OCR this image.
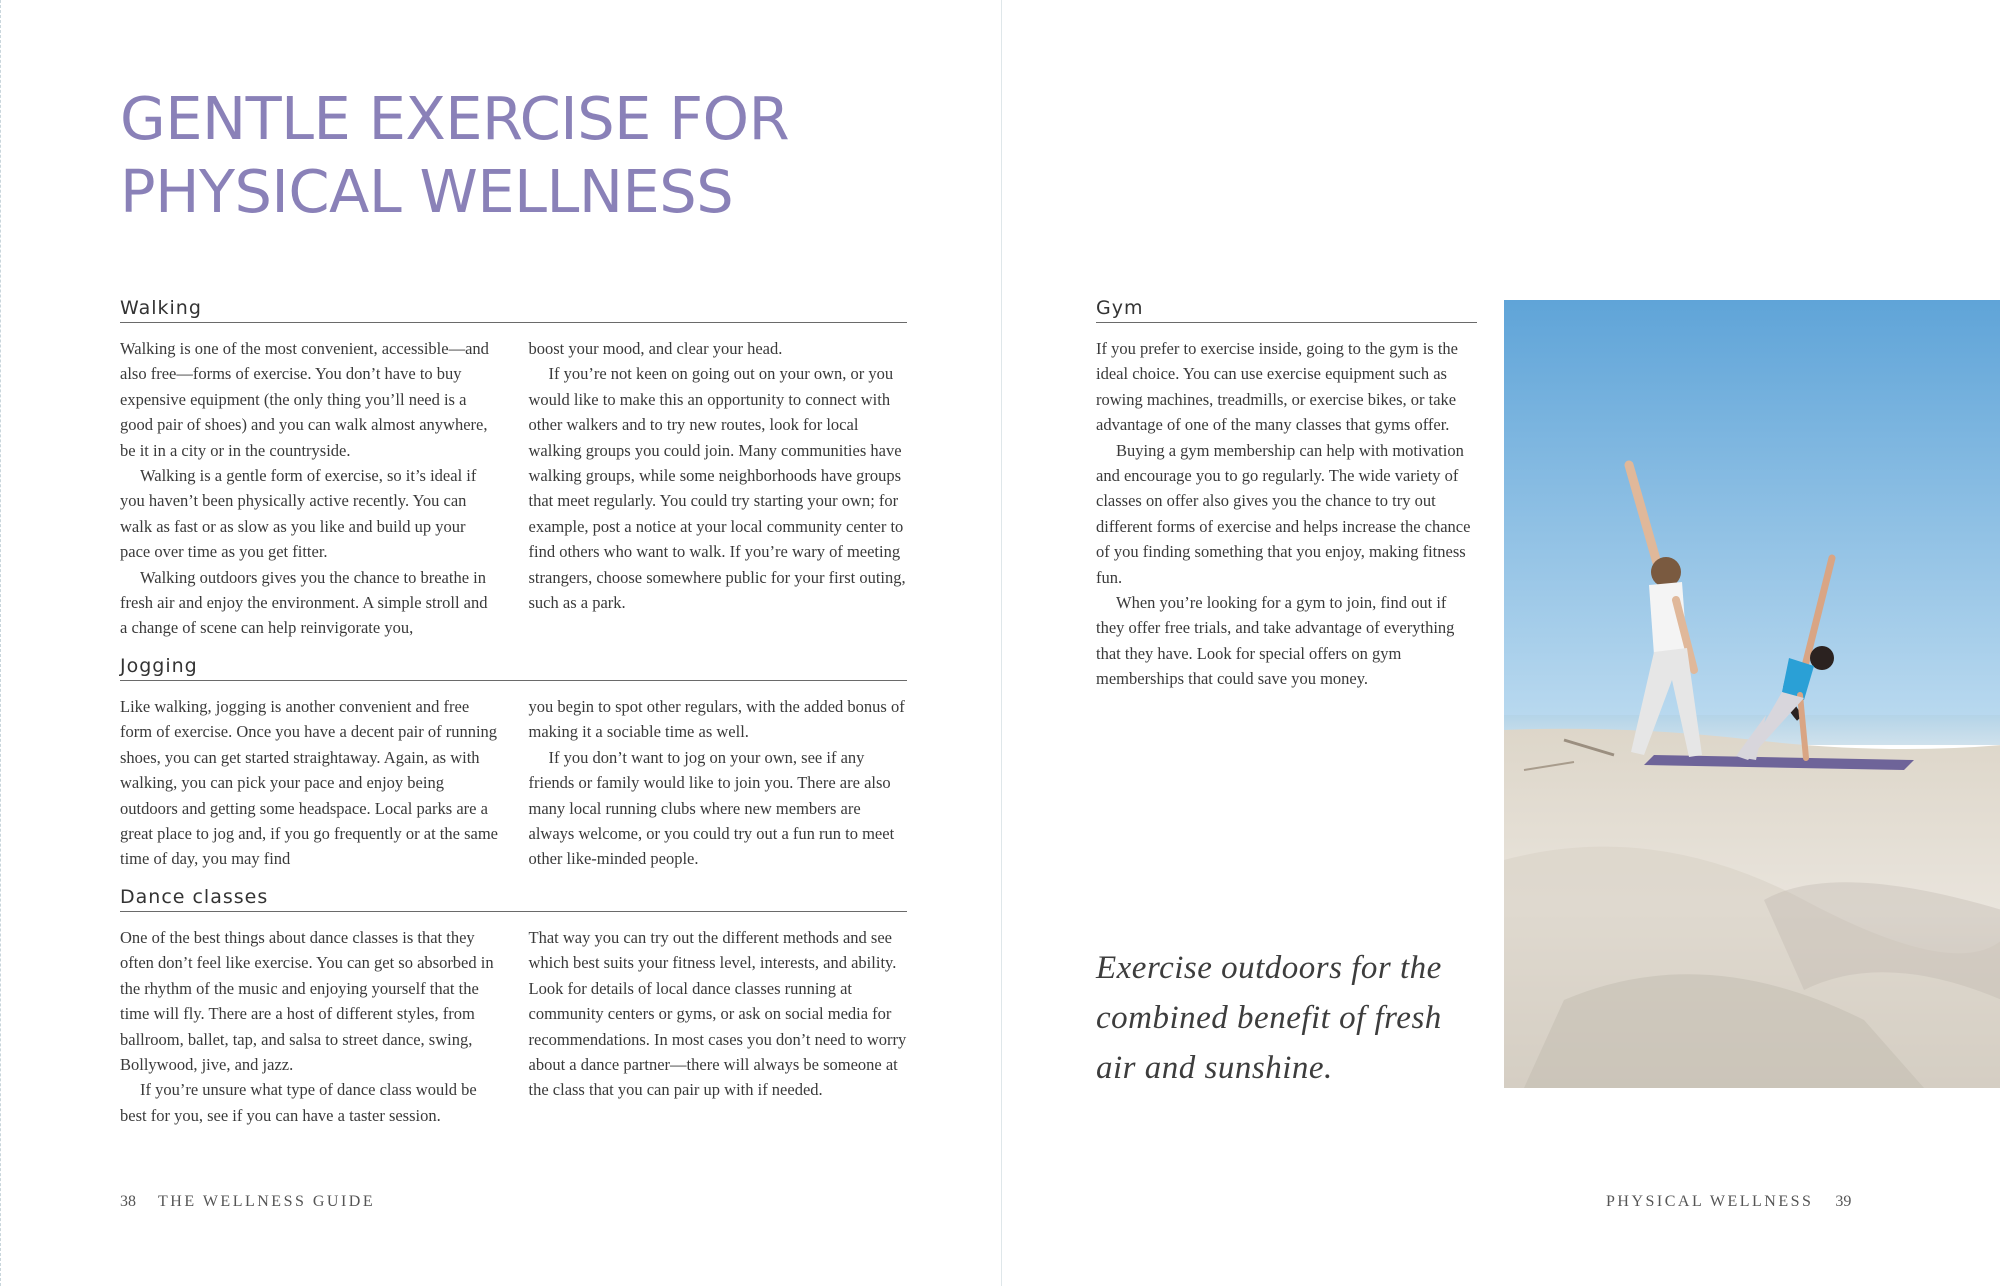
GENTLE EXERCISE FOR
PHYSICAL WELLNESS
Walking

Walking is one of the most convenient, accessible—and also free—forms of exercise. You don’t have to buy expensive equipment (the only thing you’ll need is a good pair of shoes) and you can walk almost anywhere, be it in a city or in the countryside.

Walking is a gentle form of exercise, so it’s ideal if you haven’t been physically active recently. You can walk as fast or as slow as you like and build up your pace over time as you get fitter.

Walking outdoors gives you the chance to breathe in fresh air and enjoy the environment. A simple stroll and a change of scene can help reinvigorate you,

boost your mood, and clear your head.

If you’re not keen on going out on your own, or you would like to make this an opportunity to connect with other walkers and to try new routes, look for local walking groups you could join. Many communities have walking groups, while some neighborhoods have groups that meet regularly. You could try starting your own; for example, post a notice at your local community center to find others who want to walk. If you’re wary of meeting strangers, choose somewhere public for your first outing, such as a park.

Jogging

Like walking, jogging is another convenient and free form of exercise. Once you have a decent pair of running shoes, you can get started straightaway. Again, as with walking, you can pick your pace and enjoy being outdoors and getting some headspace. Local parks are a great place to jog and, if you go frequently or at the same time of day, you may find

you begin to spot other regulars, with the added bonus of making it a sociable time as well.

If you don’t want to jog on your own, see if any friends or family would like to join you. There are also many local running clubs where new members are always welcome, or you could try out a fun run to meet other like-minded people.

Dance classes

One of the best things about dance classes is that they often don’t feel like exercise. You can get so absorbed in the rhythm of the music and enjoying yourself that the time will fly. There are a host of different styles, from ballroom, ballet, tap, and salsa to street dance, swing, Bollywood, jive, and jazz.

If you’re unsure what type of dance class would be best for you, see if you can have a taster session.

That way you can try out the different methods and see which best suits your fitness level, interests, and ability. Look for details of local dance classes running at community centers or gyms, or ask on social media for recommendations. In most cases you don’t need to worry about a dance partner—there will always be someone at the class that you can pair up with if needed.

38 THE WELLNESS GUIDE
Gym

If you prefer to exercise inside, going to the gym is the ideal choice. You can use exercise equipment such as rowing machines, treadmills, or exercise bikes, or take advantage of one of the many classes that gyms offer.

Buying a gym membership can help with motivation and encourage you to go regularly. The wide variety of classes on offer also gives you the chance to try out different forms of exercise and helps increase the chance of you finding something that you enjoy, making fitness fun.

When you’re looking for a gym to join, find out if they offer free trials, and take advantage of everything that they have. Look for special offers on gym memberships that could save you money.

Exercise outdoors for the combined benefit of fresh air and sunshine.

PHYSICAL WELLNESS 39
